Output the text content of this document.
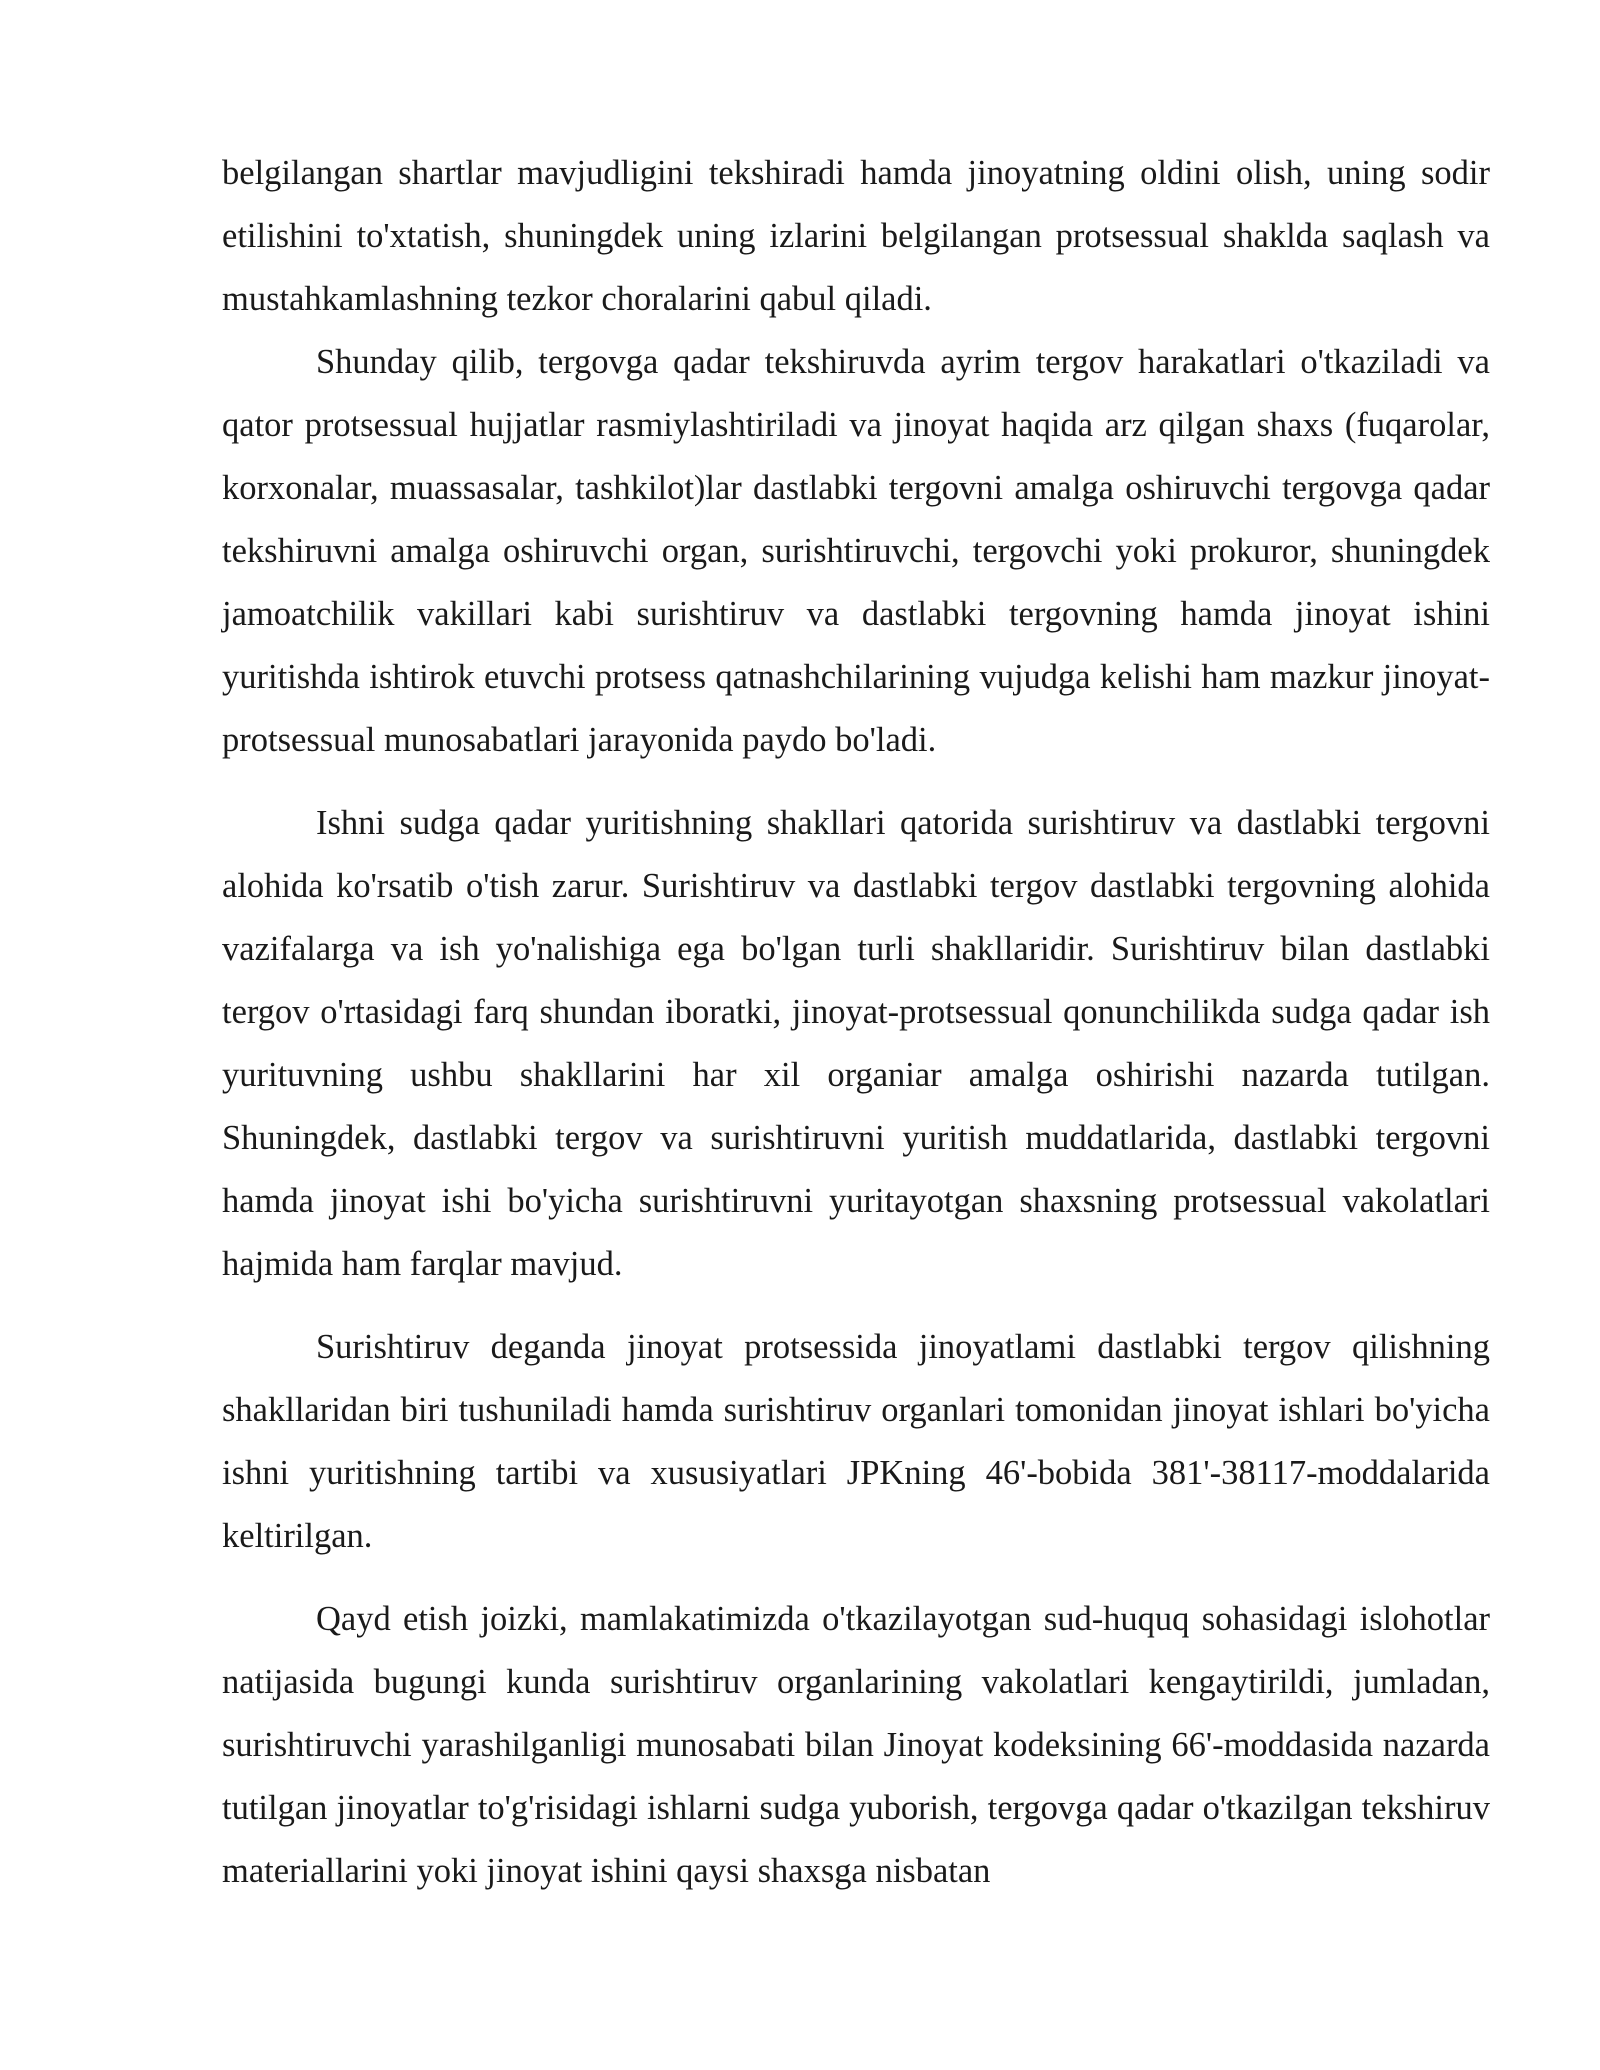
belgilangan shartlar mavjudligini tekshiradi hamda jinoyatning oldini olish, uning sodir etilishini to'xtatish, shuningdek uning izlarini belgilangan protsessual shaklda saqlash va mustahkamlashning tezkor choralarini qabul qiladi.

Shunday qilib, tergovga qadar tekshiruvda ayrim tergov harakatlari o'tkaziladi va qator protsessual hujjatlar rasmiylashtiriladi va jinoyat haqida arz qilgan shaxs (fuqarolar, korxonalar, muassasalar, tashkilot)lar dastlabki tergovni amalga oshiruvchi tergovga qadar tekshiruvni amalga oshiruvchi organ, surishtiruvchi, tergovchi yoki prokuror, shuningdek jamoatchilik vakillari kabi surishtiruv va dastlabki tergovning hamda jinoyat ishini yuritishda ishtirok etuvchi protsess qatnashchilarining vujudga kelishi ham mazkur jinoyat-protsessual munosabatlari jarayonida paydo bo'ladi.

Ishni sudga qadar yuritishning shakllari qatorida surishtiruv va dastlabki tergovni alohida ko'rsatib o'tish zarur. Surishtiruv va dastlabki tergov dastlabki tergovning alohida vazifalarga va ish yo'nalishiga ega bo'lgan turli shakllaridir. Surishtiruv bilan dastlabki tergov o'rtasidagi farq shundan iboratki, jinoyat-protsessual qonunchilikda sudga qadar ish yurituvning ushbu shakllarini har xil organiar amalga oshirishi nazarda tutilgan. Shuningdek, dastlabki tergov va surishtiruvni yuritish muddatlarida, dastlabki tergovni hamda jinoyat ishi bo'yicha surishtiruvni yuritayotgan shaxsning protsessual vakolatlari hajmida ham farqlar mavjud.

Surishtiruv deganda jinoyat protsessida jinoyatlami dastlabki tergov qilishning shakllaridan biri tushuniladi hamda surishtiruv organlari tomonidan jinoyat ishlari bo'yicha ishni yuritishning tartibi va xususiyatlari JPKning 46'-bobida 381'-38117-moddalarida keltirilgan.

Qayd etish joizki, mamlakatimizda o'tkazilayotgan sud-huquq sohasidagi islohotlar natijasida bugungi kunda surishtiruv organlarining vakolatlari kengaytirildi, jumladan, surishtiruvchi yarashilganligi munosabati bilan Jinoyat kodeksining 66'-moddasida nazarda tutilgan jinoyatlar to'g'risidagi ishlarni sudga yuborish, tergovga qadar o'tkazilgan tekshiruv materiallarini yoki jinoyat ishini qaysi shaxsga nisbatan
